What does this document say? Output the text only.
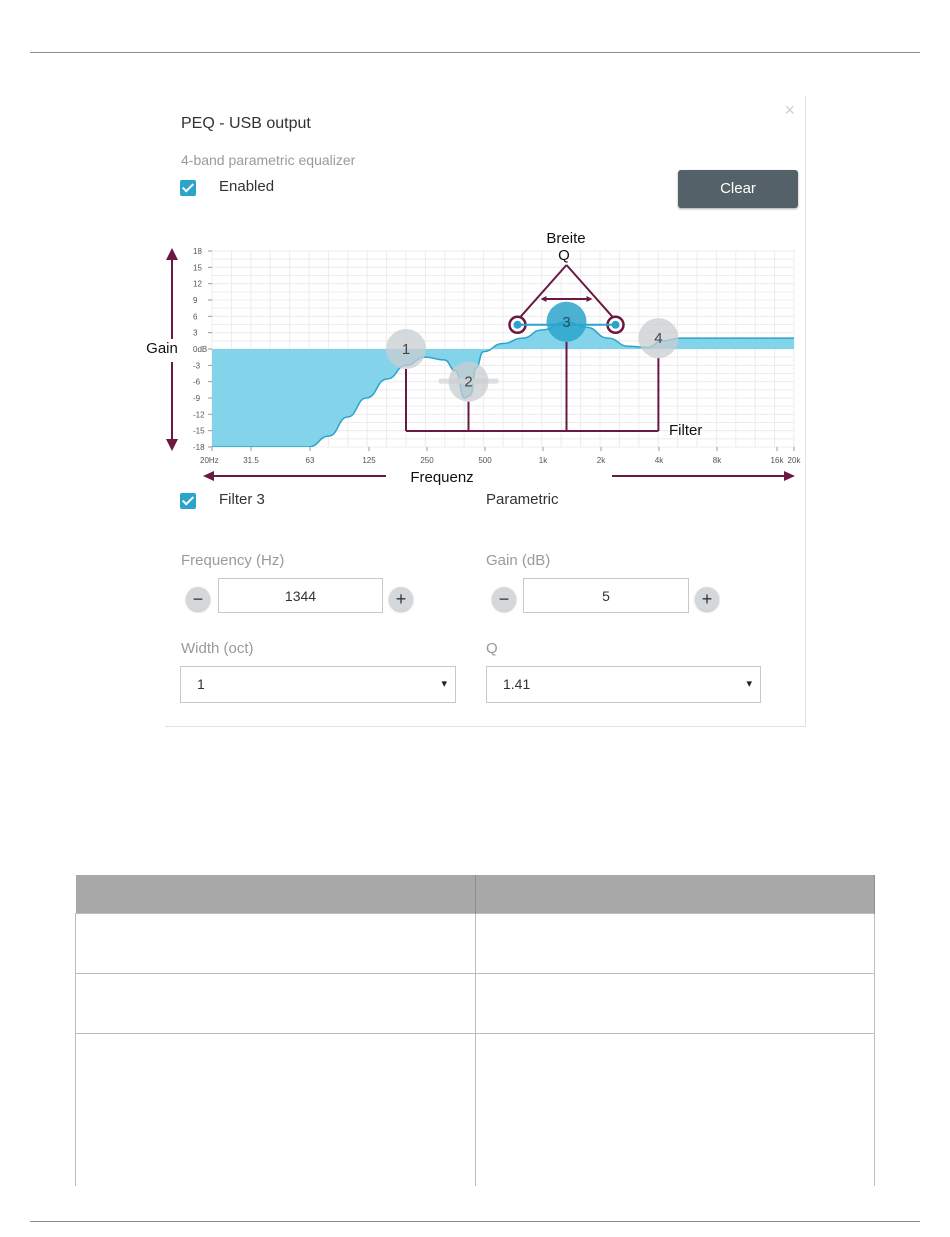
PEQ - USB output
×
4-band parametric equalizer
Enabled	Clear
Filter 3	Parametric
Frequency (Hz)
−	1344	+
Gain (dB)
−	5	+
Width (oct)
1	▾
Q
1.41	▾
18
15
12
9
6
3
0dB
-3
-6
-9
-12
-15
-18
20Hz	31.5	63	125	250	500	1k	2k	4k	8k	16k 20k
1
2
3
4
Breite
Q
Gain
Filter
Frequenz
